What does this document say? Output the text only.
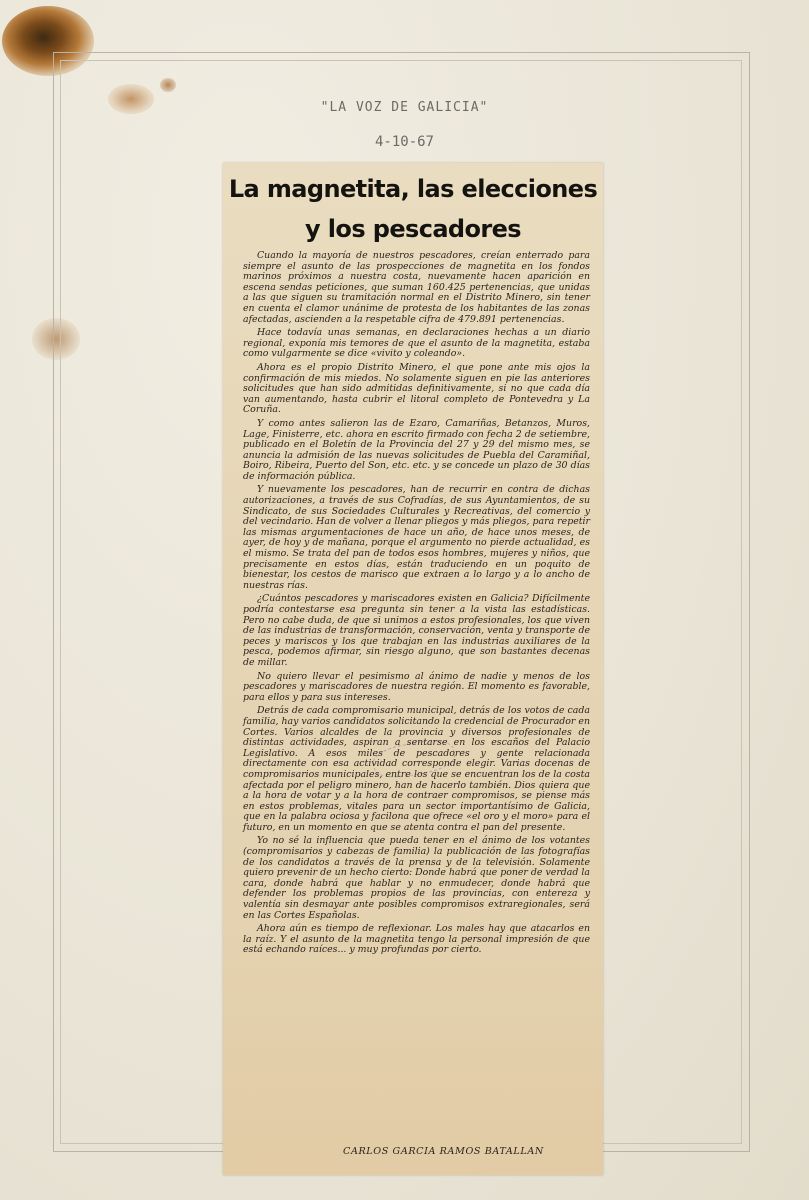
"LA VOZ DE GALICIA"
4-10-67
La magnetita, las elecciones
y los pescadores

Cuando la mayoría de nuestros pescadores, creían enterrado para siempre el asunto de las prospecciones de magnetita en los fondos marinos próximos a nuestra costa, nuevamente hacen aparición en escena sendas peticiones, que suman 160.425 pertenencias, que unidas a las que siguen su tramitación normal en el Distrito Minero, sin tener en cuenta el clamor unánime de protesta de los habitantes de las zonas afectadas, ascienden a la respetable cifra de 479.891 pertenencias.

Hace todavía unas semanas, en declaraciones hechas a un diario regional, exponía mis temores de que el asunto de la magnetita, estaba como vulgarmente se dice «vivito y coleando».

Ahora es el propio Distrito Minero, el que pone ante mis ojos la confirmación de mis miedos. No solamente siguen en pie las anteriores solicitudes que han sido admitidas definitivamente, si no que cada día van aumentando, hasta cubrir el litoral completo de Pontevedra y La Coruña.

Y como antes salieron las de Ezaro, Camariñas, Betanzos, Muros, Lage, Finisterre, etc. ahora en escrito firmado con fecha 2 de setiembre, publicado en el Boletín de la Provincia del 27 y 29 del mismo mes, se anuncia la admisión de las nuevas solicitudes de Puebla del Caramiñal, Boiro, Ribeira, Puerto del Son, etc. etc. y se concede un plazo de 30 días de información pública.

Y nuevamente los pescadores, han de recurrir en contra de dichas autorizaciones, a través de sus Cofradías, de sus Ayuntamientos, de su Sindicato, de sus Sociedades Culturales y Recreativas, del comercio y del vecindario. Han de volver a llenar pliegos y más pliegos, para repetir las mismas argumentaciones de hace un año, de hace unos meses, de ayer, de hoy y de mañana, porque el argumento no pierde actualidad, es el mismo. Se trata del pan de todos esos hombres, mujeres y niños, que precisamente en estos días, están traduciendo en un poquito de bienestar, los cestos de marisco que extraen a lo largo y a lo ancho de nuestras rías.

¿Cuántos pescadores y mariscadores existen en Galicia? Difícilmente podría contestarse esa pregunta sin tener a la vista las estadísticas. Pero no cabe duda, de que si unimos a estos profesionales, los que viven de las industrias de transformación, conservación, venta y transporte de peces y mariscos y los que trabajan en las industrias auxiliares de la pesca, podemos afirmar, sin riesgo alguno, que son bastantes decenas de millar.

No quiero llevar el pesimismo al ánimo de nadie y menos de los pescadores y mariscadores de nuestra región. El momento es favorable, para ellos y para sus intereses.

Detrás de cada compromisario municipal, detrás de los votos de cada familia, hay varios candidatos solicitando la credencial de Procurador en Cortes. Varios alcaldes de la provincia y diversos profesionales de distintas actividades, aspiran a sentarse en los escaños del Palacio Legislativo. A esos miles de pescadores y gente relacionada directamente con esa actividad corresponde elegir. Varias docenas de compromisarios municipales, entre los que se encuentran los de la costa afectada por el peligro minero, han de hacerlo también. Dios quiera que a la hora de votar y a la hora de contraer compromisos, se piense más en estos problemas, vitales para un sector importantísimo de Galicia, que en la palabra ociosa y facilona que ofrece «el oro y el moro» para el futuro, en un momento en que se atenta contra el pan del presente.

Yo no sé la influencia que pueda tener en el ánimo de los votantes (compromisarios y cabezas de familia) la publicación de las fotografías de los candidatos a través de la prensa y de la televisión. Solamente quiero prevenir de un hecho cierto: Donde habrá que poner de verdad la cara, donde habrá que hablar y no enmudecer, donde habrá que defender los problemas propios de las provincias, con entereza y valentía sin desmayar ante posibles compromisos extraregionales, será en las Cortes Españolas.

Ahora aún es tiempo de reflexionar. Los males hay que atacarlos en la raíz. Y el asunto de la magnetita tengo la personal impresión de que está echando raíces... y muy profundas por cierto.

CARLOS GARCIA RAMOS BATALLAN
